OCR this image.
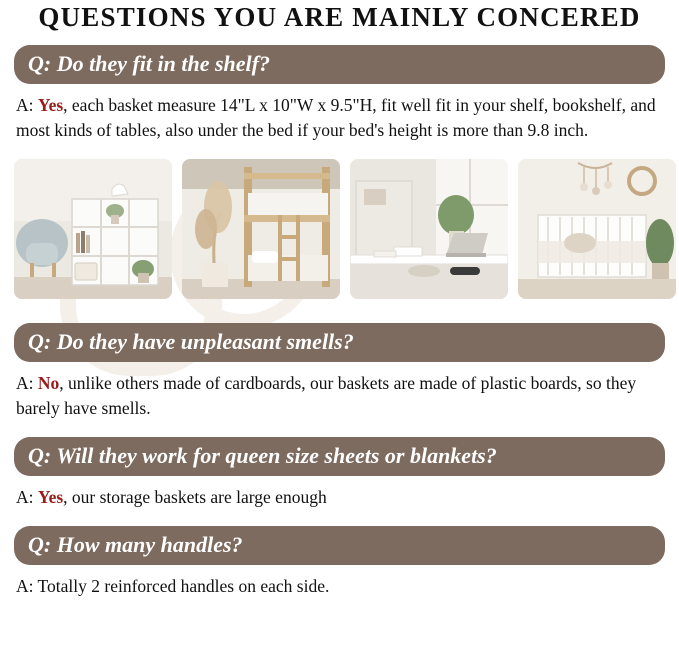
QUESTIONS YOU ARE MAINLY CONCERED
Q: Do they fit in the shelf?

A: Yes, each basket measure 14"L x 10"W x 9.5"H, fit well fit in your shelf, bookshelf, and most kinds of tables, also under the bed if your bed's height is more than 9.8 inch.

Q: Do they have unpleasant smells?

A: No, unlike others made of cardboards, our baskets are made of plastic boards, so they barely have smells.

Q: Will they work for queen size sheets or blankets?

A: Yes, our storage baskets are large enough

Q: How many handles?

A: Totally 2 reinforced handles on each side.
